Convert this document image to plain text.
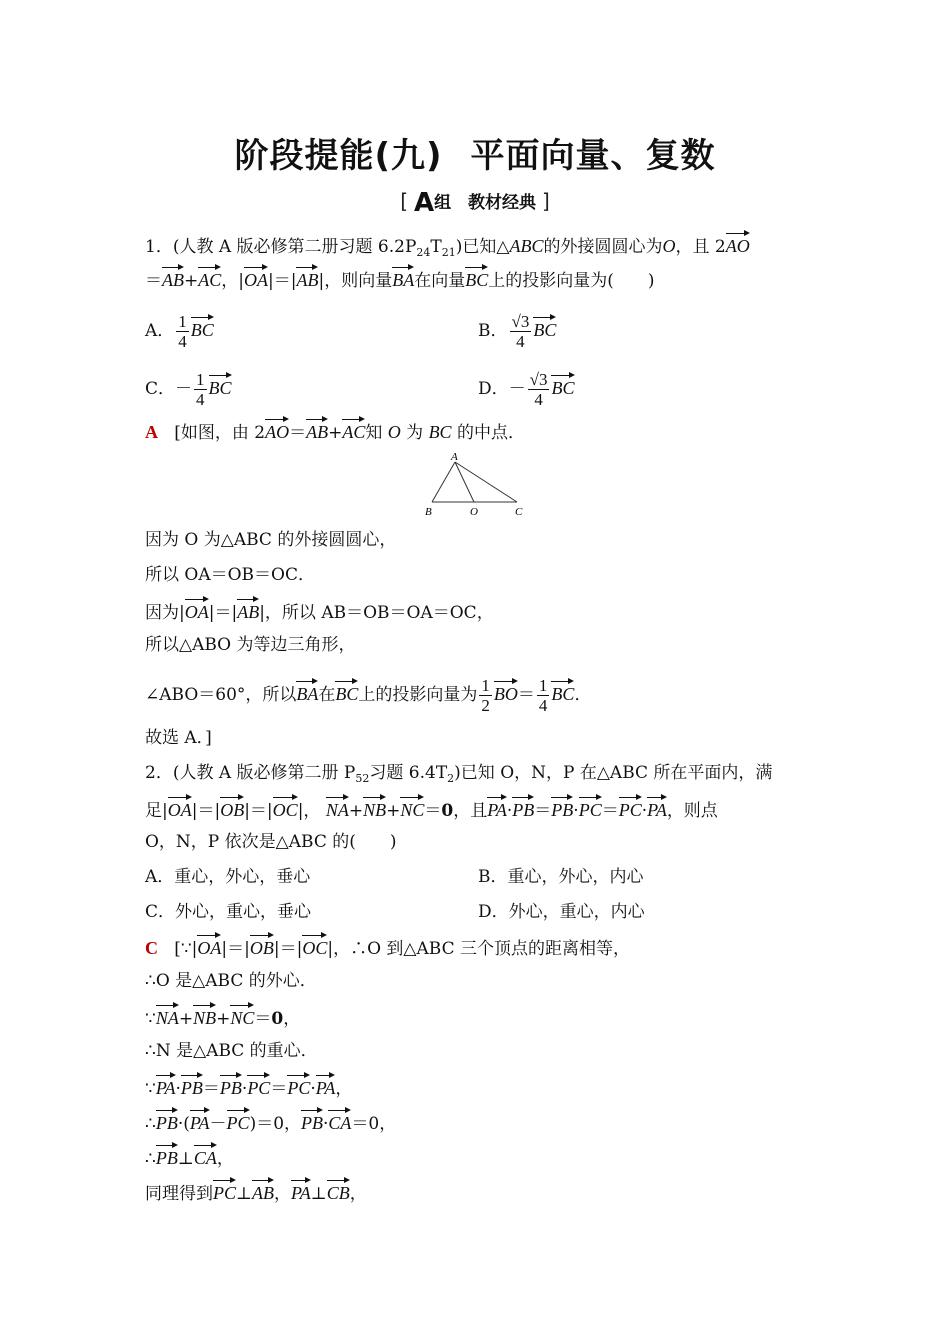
阶段提能(九) 平面向量、复数
[ A组　教材经典 ]
1．(人教 A 版必修第二册习题 $6.2P_{24}T_{21}$)已知△ABC的外接圆圆心为O，且 2AO
＝AB+AC，|OA|＝|AB|，则向量BA在向量BC上的投影向量为(　　)
A． $\frac{1}{4}$ BC	B． $\frac{√3}{4}$ BC
C．－ $\frac{1}{4}$ BC	D．－ $\frac{√3}{4}$ BC
A [如图，由 2AO＝AB+AC知 O 为 BC 的中点．
A
B	O	C
因为 O 为△ABC 的外接圆圆心，
所以 OA＝OB＝OC．
因为|OA|＝|AB|，所以 AB＝OB＝OA＝OC，
所以△ABO 为等边三角形，
∠ABO＝60°，所以BA在BC上的投影向量为 $\frac{1}{2} BO= \frac{1}{4}$ BC．
故选 A．]
2．(人教 A 版必修第二册 $P_{52}$习题 $6.4T_2$)已知 O，N，P 在△ABC 所在平面内，满
足|OA|＝|OB|＝|OC|， NA+NB+NC＝0，且PA·PB＝PB·PC＝PC·PA，则点
O，N，P 依次是△ABC 的(　　)
A．重心，外心，垂心	B．重心，外心，内心
C．外心，重心，垂心	D．外心，重心，内心
C [∵|OA|＝|OB|＝|OC|，∴O 到△ABC 三个顶点的距离相等，
∴O 是△ABC 的外心．
∵NA+NB+NC＝0，
∴N 是△ABC 的重心．
∵PA·PB＝PB·PC＝PC·PA，
∴PB·(PA－PC)＝0，PB·CA＝0，
∴PB⊥CA，
同理得到PC⊥AB，PA⊥CB，
